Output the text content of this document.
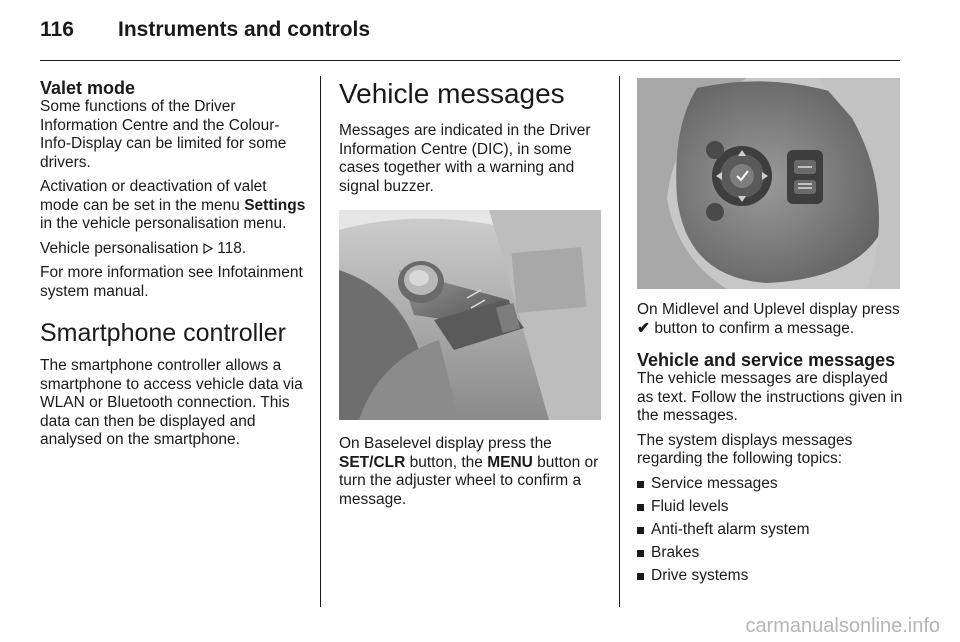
116 Instruments and controls
Valet mode

Some functions of the Driver Information Centre and the Colour-Info-Display can be limited for some drivers.

Activation or deactivation of valet mode can be set in the menu Settings in the vehicle personalisation menu.

Vehicle personalisation 118.

For more information see Infotainment system manual.

Smartphone controller

The smartphone controller allows a smartphone to access vehicle data via WLAN or Bluetooth connection. This data can then be displayed and analysed on the smartphone.

Vehicle messages

Messages are indicated in the Driver Information Centre (DIC), in some cases together with a warning and signal buzzer.

On Baselevel display press the SET/CLR button, the MENU button or turn the adjuster wheel to confirm a message.

On Midlevel and Uplevel display press ✔ button to confirm a message.

Vehicle and service messages

The vehicle messages are displayed as text. Follow the instructions given in the messages.

The system displays messages regarding the following topics:

Service messages
Fluid levels
Anti-theft alarm system
Brakes
Drive systems
carmanualsonline.info
